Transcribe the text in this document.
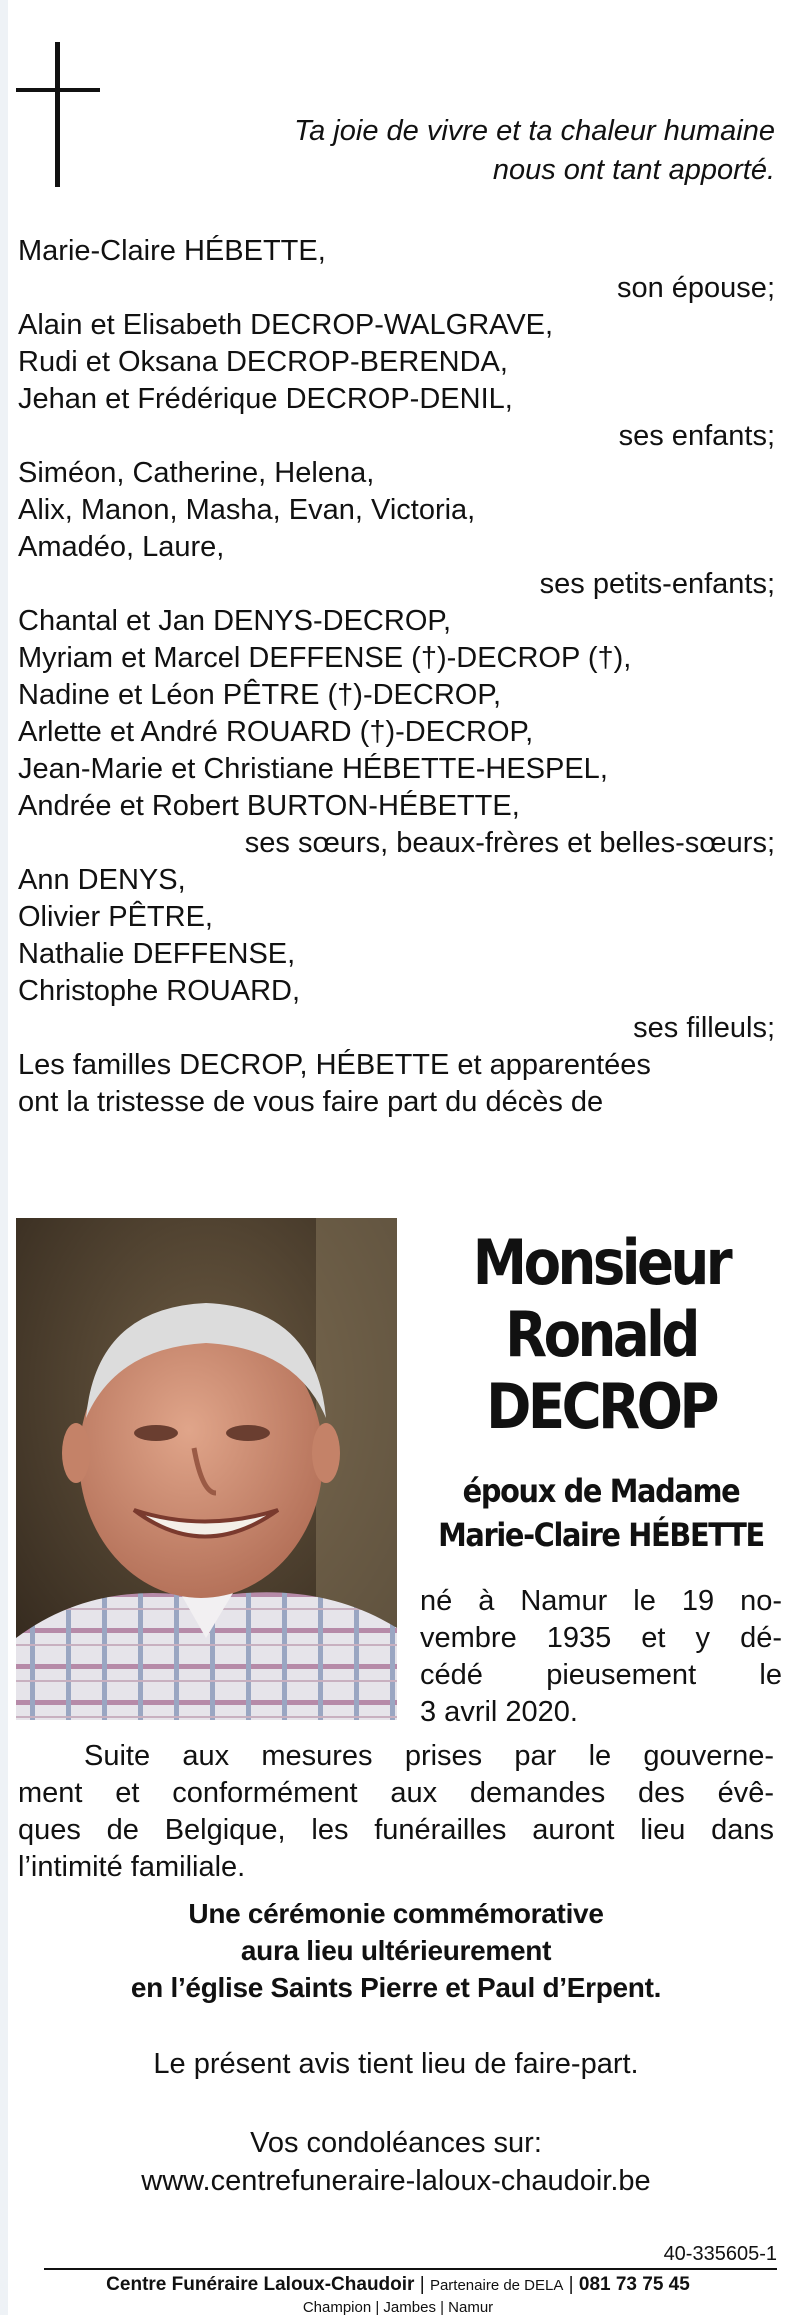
Ta joie de vivre et ta chaleur humaine
nous ont tant apporté.
Marie-Claire HÉBETTE,
son épouse;
Alain et Elisabeth DECROP-WALGRAVE,
Rudi et Oksana DECROP-BERENDA,
Jehan et Frédérique DECROP-DENIL,
ses enfants;
Siméon, Catherine, Helena,
Alix, Manon, Masha, Evan, Victoria,
Amadéo, Laure,
ses petits-enfants;
Chantal et Jan DENYS-DECROP,
Myriam et Marcel DEFFENSE (†)-DECROP (†),
Nadine et Léon PÊTRE (†)-DECROP,
Arlette et André ROUARD (†)-DECROP,
Jean-Marie et Christiane HÉBETTE-HESPEL,
Andrée et Robert BURTON-HÉBETTE,
ses sœurs, beaux-frères et belles-sœurs;
Ann DENYS,
Olivier PÊTRE,
Nathalie DEFFENSE,
Christophe ROUARD,
ses filleuls;
Les familles DECROP, HÉBETTE et apparentées
ont la tristesse de vous faire part du décès de
Monsieur
Ronald
DECROP
époux de Madame
Marie-Claire HÉBETTE
né à Namur le 19 no-
vembre 1935 et y dé-
cédé pieusement le
3 avril 2020.
Suite aux mesures prises par le gouverne-
ment et conformément aux demandes des évê-
ques de Belgique, les funérailles auront lieu dans
l’intimité familiale.
Une cérémonie commémorative
aura lieu ultérieurement
en l’église Saints Pierre et Paul d’Erpent.
Le présent avis tient lieu de faire-part.
Vos condoléances sur:
www.centrefuneraire-laloux-chaudoir.be
40-335605-1
Centre Funéraire Laloux-Chaudoir | Partenaire de DELA | 081 73 75 45
Champion | Jambes | Namur
